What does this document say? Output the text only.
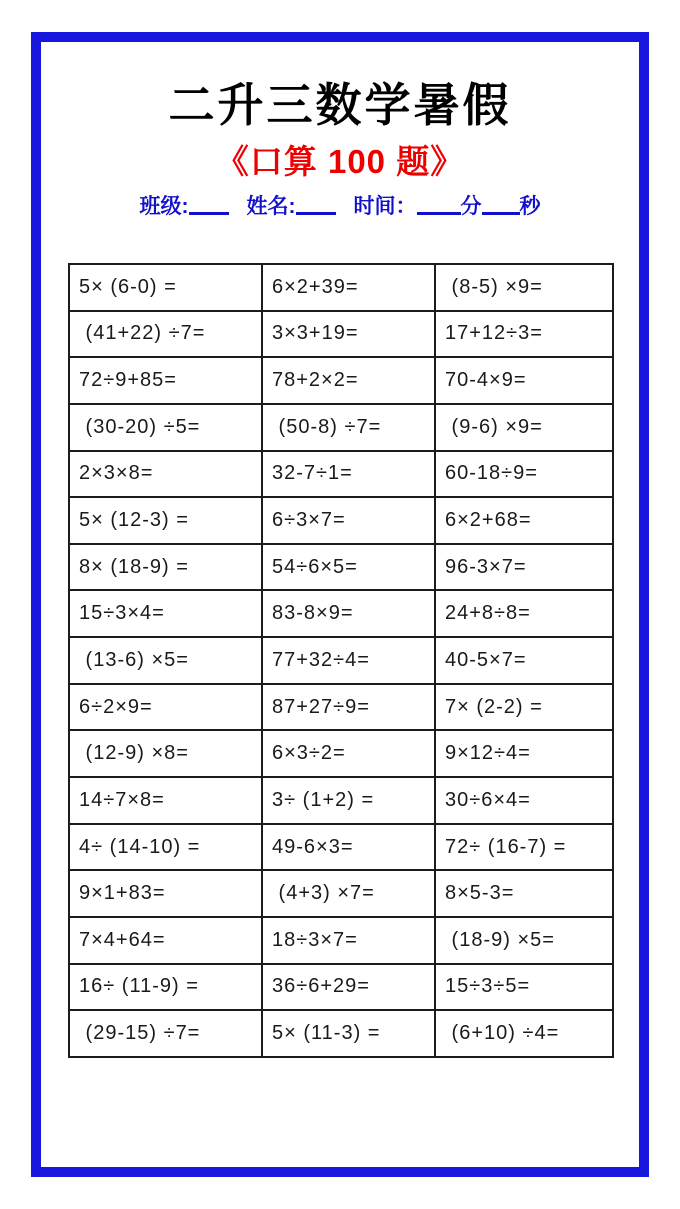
二升三数学暑假
《口算 100 题》
班级:	姓名:	时间： 分 秒
5× (6-0) =	6×2+39=	(8-5) ×9=
(41+22) ÷7=	3×3+19=	17+12÷3=
72÷9+85=	78+2×2=	70-4×9=
(30-20) ÷5=	(50-8) ÷7=	(9-6) ×9=
2×3×8=	32-7÷1=	60-18÷9=
5× (12-3) =	6÷3×7=	6×2+68=
8× (18-9) =	54÷6×5=	96-3×7=
15÷3×4=	83-8×9=	24+8÷8=
(13-6) ×5=	77+32÷4=	40-5×7=
6÷2×9=	87+27÷9=	7× (2-2) =
(12-9) ×8=	6×3÷2=	9×12÷4=
14÷7×8=	3÷ (1+2) =	30÷6×4=
4÷ (14-10) =	49-6×3=	72÷ (16-7) =
9×1+83=	(4+3) ×7=	8×5-3=
7×4+64=	18÷3×7=	(18-9) ×5=
16÷ (11-9) =	36÷6+29=	15÷3÷5=
(29-15) ÷7=	5× (11-3) =	(6+10) ÷4=
